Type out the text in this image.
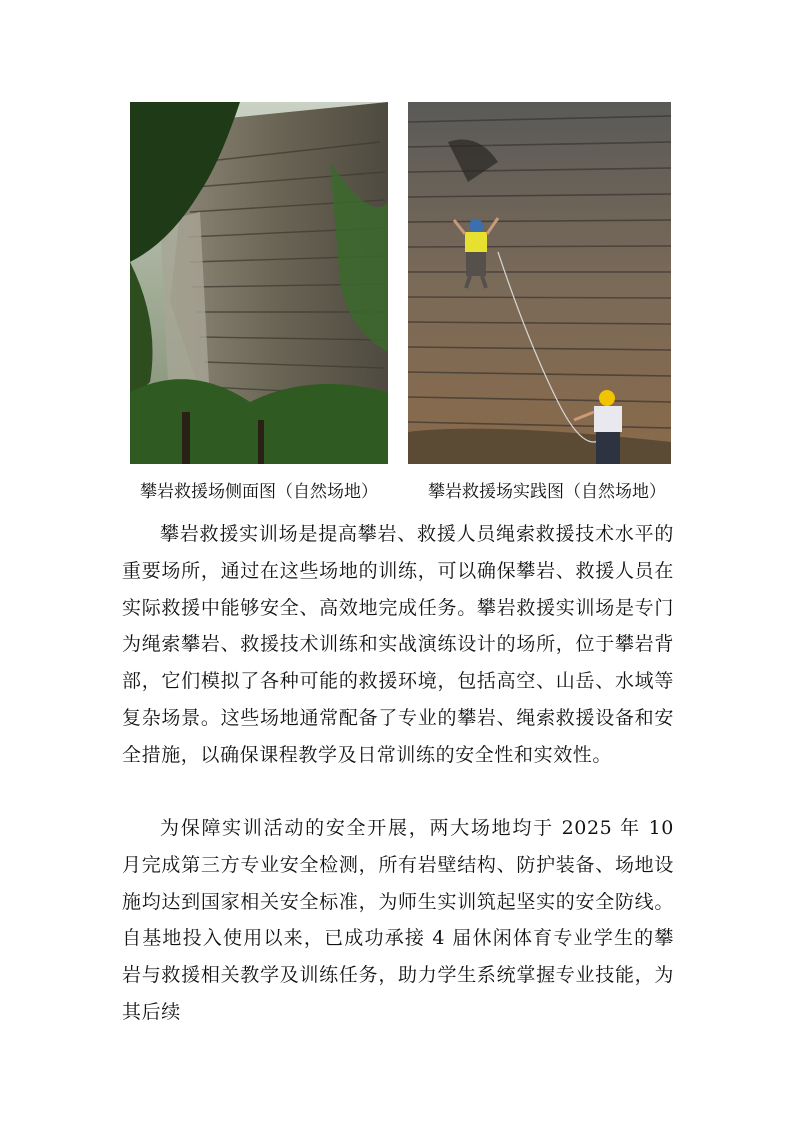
攀岩救援场侧面图（自然场地）	攀岩救援场实践图（自然场地）

攀岩救援实训场是提高攀岩、救援人员绳索救援技术水平的重要场所，通过在这些场地的训练，可以确保攀岩、救援人员在实际救援中能够安全、高效地完成任务。攀岩救援实训场是专门为绳索攀岩、救援技术训练和实战演练设计的场所，位于攀岩背部，它们模拟了各种可能的救援环境，包括高空、山岳、水域等复杂场景。这些场地通常配备了专业的攀岩、绳索救援设备和安全措施，以确保课程教学及日常训练的安全性和实效性。

为保障实训活动的安全开展，两大场地均于 2025 年 10 月完成第三方专业安全检测，所有岩壁结构、防护装备、场地设施均达到国家相关安全标准，为师生实训筑起坚实的安全防线。自基地投入使用以来，已成功承接 4 届休闲体育专业学生的攀岩与救援相关教学及训练任务，助力学生系统掌握专业技能，为其后续
